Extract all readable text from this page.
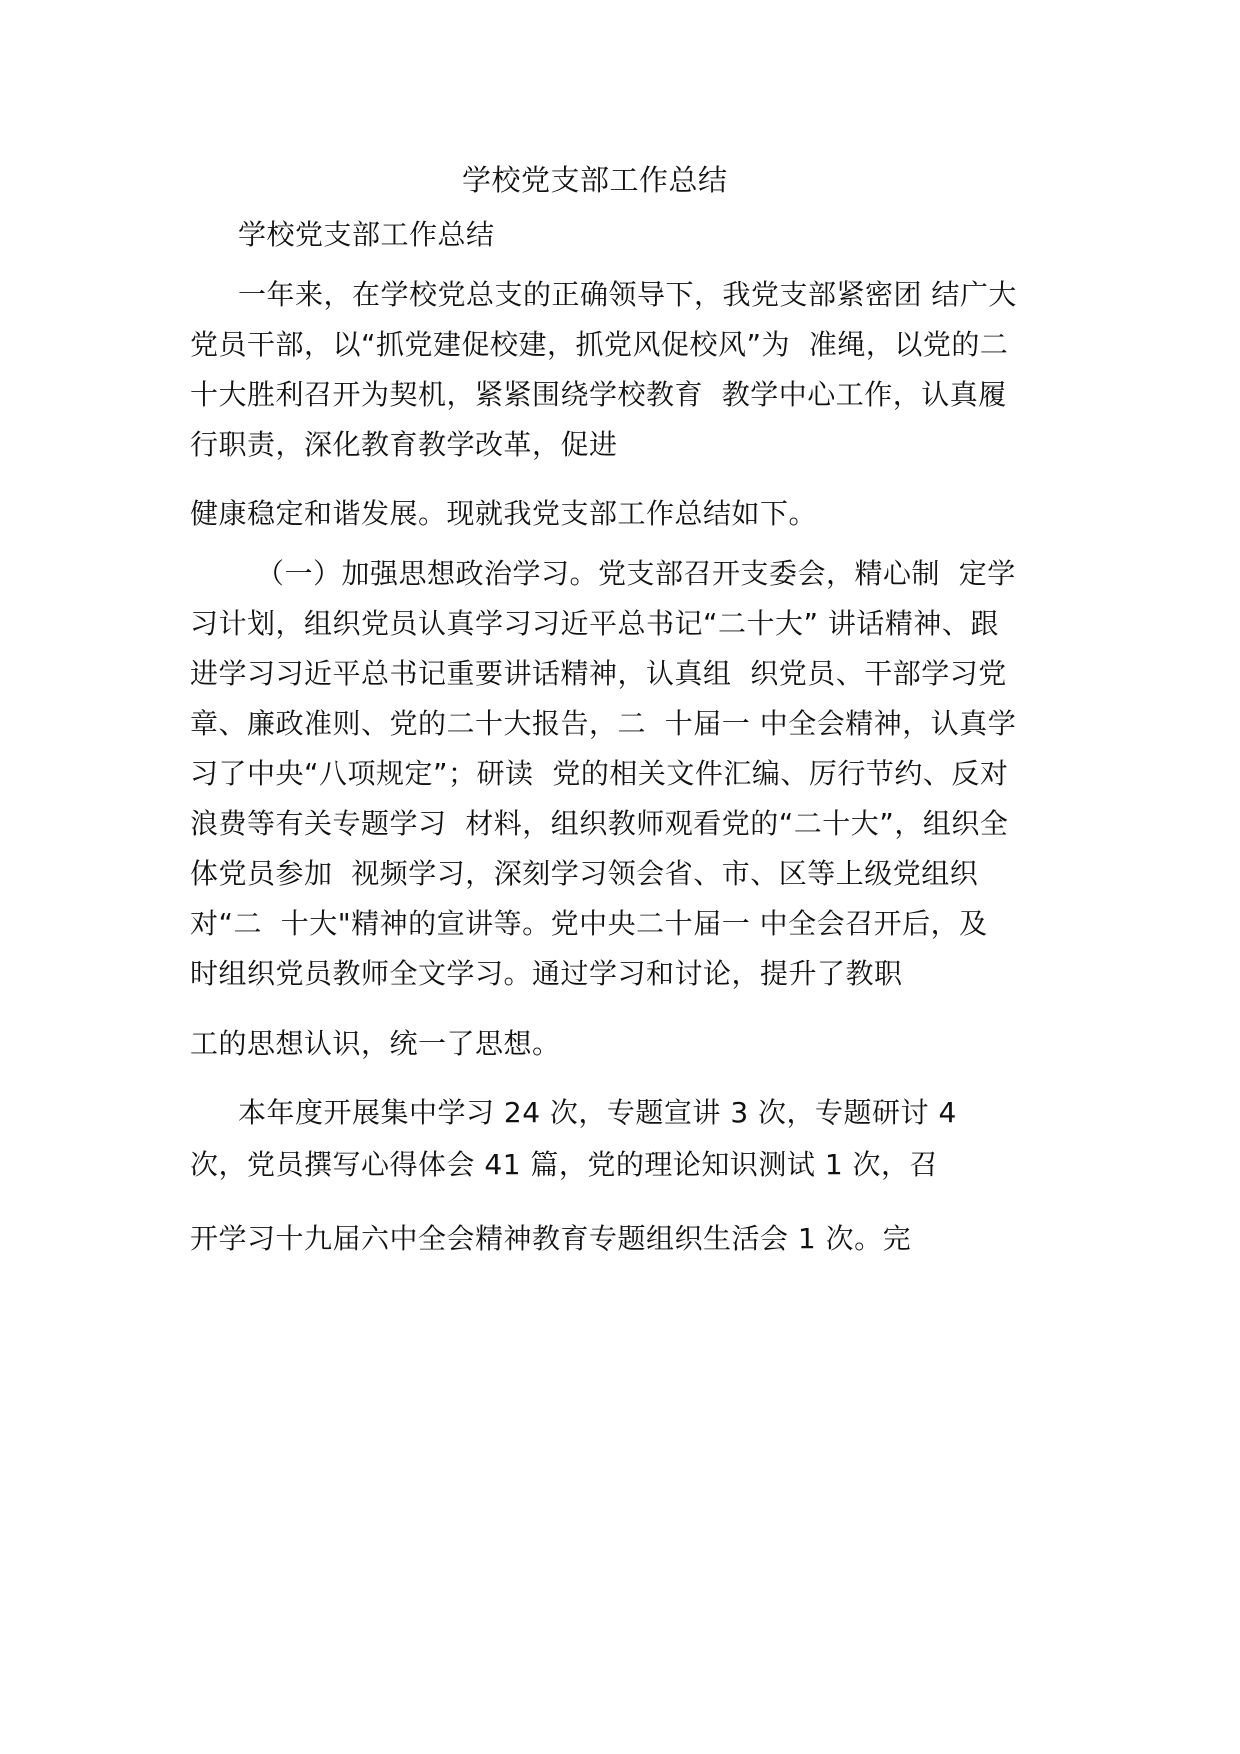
学校党支部工作总结
学校党支部工作总结
一年来，在学校党总支的正确领导下，我党支部紧密团 结广大
党员干部，以“抓党建促校建，抓党风促校风”为  准绳，以党的二
十大胜利召开为契机，紧紧围绕学校教育  教学中心工作，认真履
行职责，深化教育教学改革，促进
健康稳定和谐发展。现就我党支部工作总结如下。
（一）加强思想政治学习。党支部召开支委会，精心制  定学
习计划，组织党员认真学习习近平总书记“二十大” 讲话精神、跟
进学习习近平总书记重要讲话精神，认真组  织党员、干部学习党
章、廉政准则、党的二十大报告，二  十届一 中全会精神，认真学
习了中央“八项规定”；研读  党的相关文件汇编、厉行节约、反对
浪费等有关专题学习  材料，组织教师观看党的“二十大”，组织全
体党员参加  视频学习，深刻学习领会省、市、区等上级党组织
对“二  十大"精神的宣讲等。党中央二十届一 中全会召开后，及
时组织党员教师全文学习。通过学习和讨论，提升了教职
工的思想认识，统一了思想。
本年度开展集中学习 24 次，专题宣讲 3 次，专题研讨 4
次，党员撰写心得体会 41 篇，党的理论知识测试 1 次，召
开学习十九届六中全会精神教育专题组织生活会 1 次。完
